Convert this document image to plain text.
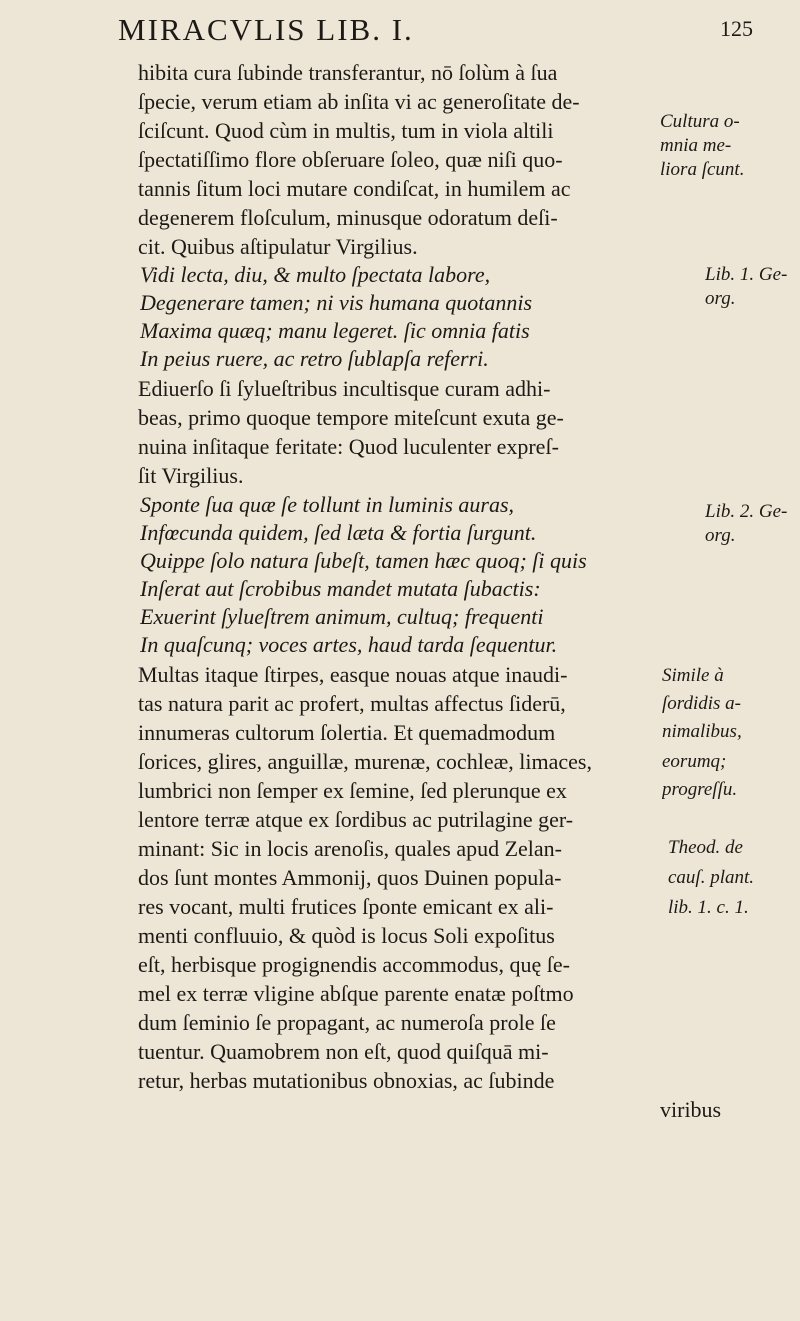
MIRACVLIS LIB. I.	125
hibita cura ſubinde transferantur, nō ſolùm à ſua
ſpecie, verum etiam ab inſita vi ac generoſitate de-
ſciſcunt. Quod cùm in multis, tum in viola altili
ſpectatiſſimo flore obſeruare ſoleo, quæ niſi quo-
tannis ſitum loci mutare condiſcat, in humilem ac
degenerem floſculum, minusque odoratum deſi-
cit. Quibus aſtipulatur Virgilius.
Vidi lecta, diu, & multo ſpectata labore,
Degenerare tamen; ni vis humana quotannis
Maxima quæq; manu legeret. ſic omnia fatis
In peius ruere, ac retro ſublapſa referri.
Ediuerſo ſi ſylueſtribus incultisque curam adhi-
beas, primo quoque tempore miteſcunt exuta ge-
nuina inſitaque feritate: Quod luculenter expreſ-
ſit Virgilius.
Sponte ſua quæ ſe tollunt in luminis auras,
Infœcunda quidem, ſed læta & fortia ſurgunt.
Quippe ſolo natura ſubeſt, tamen hæc quoq; ſi quis
Inſerat aut ſcrobibus mandet mutata ſubactis:
Exuerint ſylueſtrem animum, cultuq; frequenti
In quaſcunq; voces artes, haud tarda ſequentur.
Multas itaque ſtirpes, easque nouas atque inaudi-
tas natura parit ac profert, multas affectus ſiderū,
innumeras cultorum ſolertia. Et quemadmodum
ſorices, glires, anguillæ, murenæ, cochleæ, limaces,
lumbrici non ſemper ex ſemine, ſed plerunque ex
lentore terræ atque ex ſordibus ac putrilagine ger-
minant: Sic in locis arenoſis, quales apud Zelan-
dos ſunt montes Ammonij, quos Duinen popula-
res vocant, multi frutices ſponte emicant ex ali-
menti confluuio, & quòd is locus Soli expoſitus
eſt, herbisque progignendis accommodus, quę ſe-
mel ex terræ vligine abſque parente enatæ poſtmo
dum ſeminio ſe propagant, ac numeroſa prole ſe
tuentur. Quamobrem non eſt, quod quiſquā mi-
retur, herbas mutationibus obnoxias, ac ſubinde
viribus
Cultura o-
mnia me-
liora ſcunt.
Lib. 1. Ge-
org.
Lib. 2. Ge-
org.
Simile à
ſordidis a-
nimalibus,
eorumq;
progreſſu.
Theod. de
cauſ. plant.
lib. 1. c. 1.
